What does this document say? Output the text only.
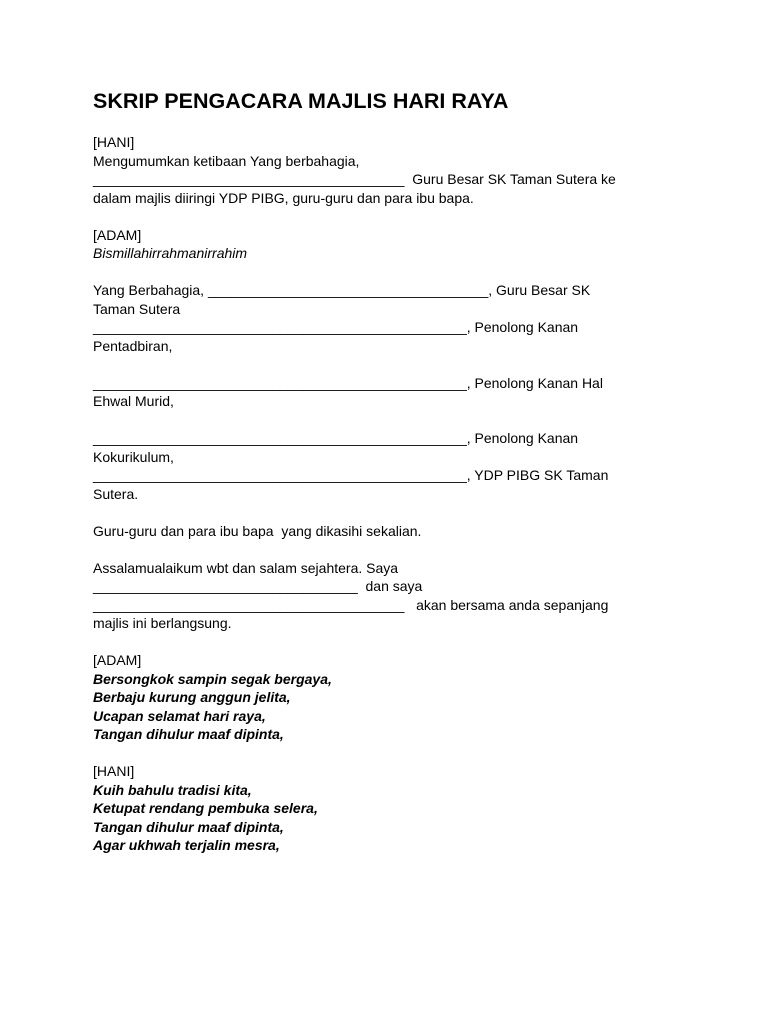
SKRIP PENGACARA MAJLIS HARI RAYA
[HANI]
Mengumumkan ketibaan Yang berbahagia,
________________________________________  Guru Besar SK Taman Sutera ke
dalam majlis diiringi YDP PIBG, guru-guru dan para ibu bapa.
[ADAM]
Bismillahirrahmanirrahim
Yang Berbahagia, ____________________________________, Guru Besar SK
Taman Sutera
________________________________________________, Penolong Kanan
Pentadbiran,
________________________________________________, Penolong Kanan Hal
Ehwal Murid,
________________________________________________, Penolong Kanan
Kokurikulum,
________________________________________________, YDP PIBG SK Taman
Sutera.
Guru-guru dan para ibu bapa  yang dikasihi sekalian.
Assalamualaikum wbt dan salam sejahtera. Saya
__________________________________  dan saya
________________________________________   akan bersama anda sepanjang
majlis ini berlangsung.
[ADAM]
Bersongkok sampin segak bergaya,
Berbaju kurung anggun jelita,
Ucapan selamat hari raya,
Tangan dihulur maaf dipinta,
[HANI]
Kuih bahulu tradisi kita,
Ketupat rendang pembuka selera,
Tangan dihulur maaf dipinta,
Agar ukhwah terjalin mesra,
